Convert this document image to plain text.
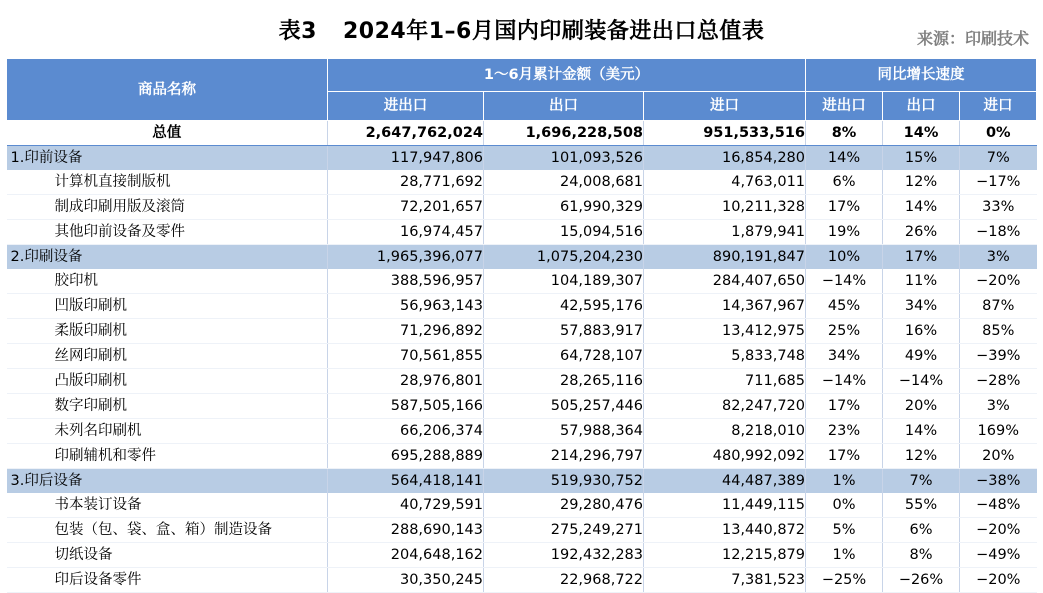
表3 2024年1–6月国内印刷装备进出口总值表	来源：印刷技术
商品名称	1～6月累计金额（美元）			同比增长速度		
	进出口	出口	进口	进出口	出口	进口
总值	2,647,762,024	1,696,228,508	951,533,516	8%	14%	0%
1.印前设备	117,947,806	101,093,526	16,854,280	14%	15%	7%
计算机直接制版机	28,771,692	24,008,681	4,763,011	6%	12%	−17%
制成印刷用版及滚筒	72,201,657	61,990,329	10,211,328	17%	14%	33%
其他印前设备及零件	16,974,457	15,094,516	1,879,941	19%	26%	−18%
2.印刷设备	1,965,396,077	1,075,204,230	890,191,847	10%	17%	3%
胶印机	388,596,957	104,189,307	284,407,650	−14%	11%	−20%
凹版印刷机	56,963,143	42,595,176	14,367,967	45%	34%	87%
柔版印刷机	71,296,892	57,883,917	13,412,975	25%	16%	85%
丝网印刷机	70,561,855	64,728,107	5,833,748	34%	49%	−39%
凸版印刷机	28,976,801	28,265,116	711,685	−14%	−14%	−28%
数字印刷机	587,505,166	505,257,446	82,247,720	17%	20%	3%
未列名印刷机	66,206,374	57,988,364	8,218,010	23%	14%	169%
印刷辅机和零件	695,288,889	214,296,797	480,992,092	17%	12%	20%
3.印后设备	564,418,141	519,930,752	44,487,389	1%	7%	−38%
书本装订设备	40,729,591	29,280,476	11,449,115	0%	55%	−48%
包装（包、袋、盒、箱）制造设备	288,690,143	275,249,271	13,440,872	5%	6%	−20%
切纸设备	204,648,162	192,432,283	12,215,879	1%	8%	−49%
印后设备零件	30,350,245	22,968,722	7,381,523	−25%	−26%	−20%
